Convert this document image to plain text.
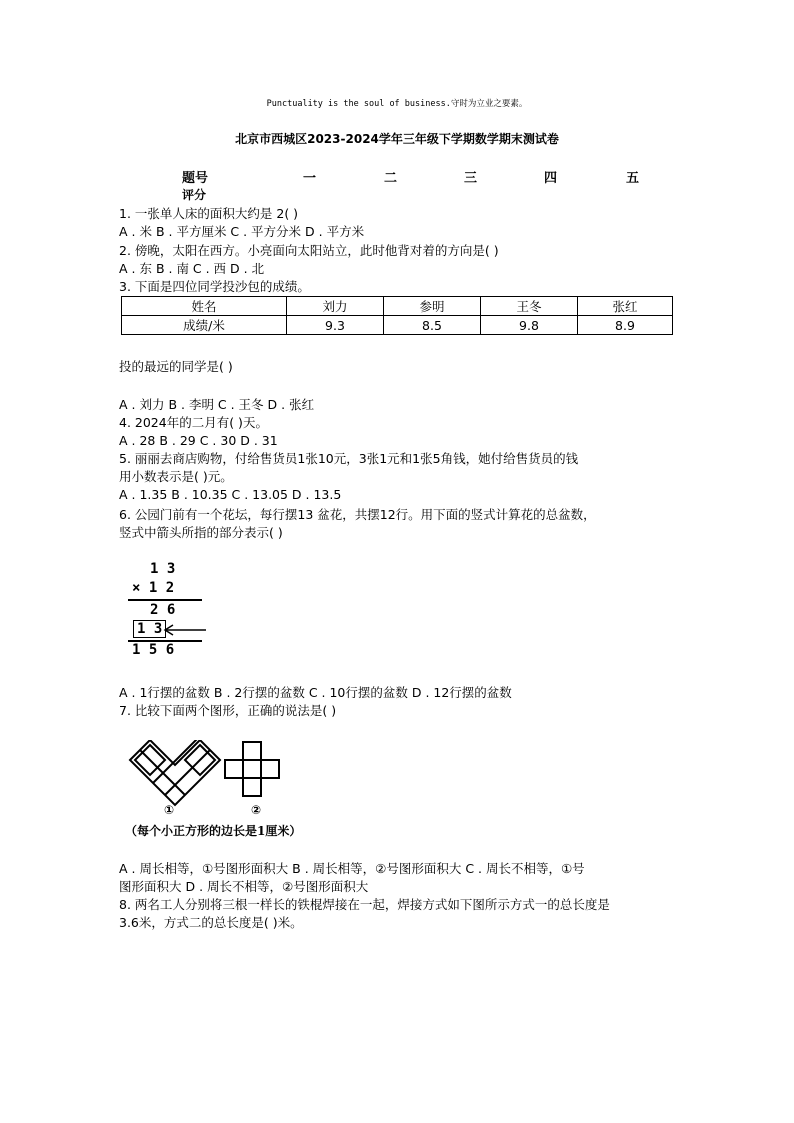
Punctuality is the soul of business.守时为立业之要素。
北京市西城区2023-2024学年三年级下学期数学期末测试卷
题号	一	二	三	四	五
评分
1. 一张单人床的面积大约是 2( )
A . 米 B . 平方厘米 C . 平方分米 D . 平方米
2. 傍晚，太阳在西方。小亮面向太阳站立，此时他背对着的方向是( )
A . 东 B . 南 C . 西 D . 北
3. 下面是四位同学投沙包的成绩。
姓名	刘力	参明	王冬	张红
成绩/米	9.3	8.5	9.8	8.9
投的最远的同学是( )
A . 刘力 B . 李明 C . 王冬 D . 张红
4. 2024年的二月有( )天。
A . 28 B . 29 C . 30 D . 31
5. 丽丽去商店购物，付给售货员1张10元，3张1元和1张5角钱，她付给售货员的钱
用小数表示是( )元。
A . 1.35 B . 10.35 C . 13.05 D . 13.5
6. 公园门前有一个花坛，每行摆13 盆花，共摆12行。用下面的竖式计算花的总盆数，
竖式中箭头所指的部分表示( )
1 3
× 1 2
2 6
1 3
1 5 6
A . 1行摆的盆数 B . 2行摆的盆数 C . 10行摆的盆数 D . 12行摆的盆数
7. 比较下面两个图形，正确的说法是( )
①	②
（每个小正方形的边长是1厘米）
A . 周长相等，①号图形面积大 B . 周长相等，②号图形面积大 C . 周长不相等，①号
图形面积大 D . 周长不相等，②号图形面积大
8. 两名工人分别将三根一样长的铁棍焊接在一起，焊接方式如下图所示方式一的总长度是
3.6米，方式二的总长度是( )米。
